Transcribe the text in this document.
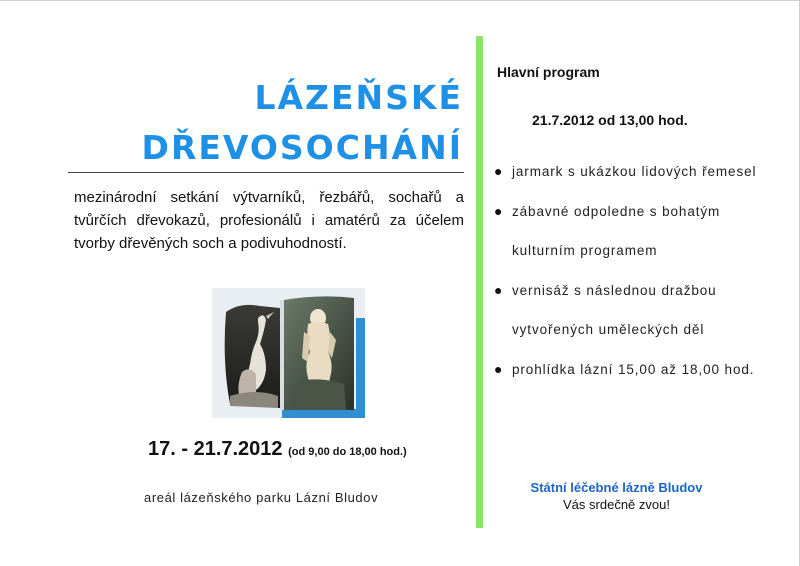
LÁZEŇSKÉ
DŘEVOSOCHÁNÍ
mezinárodní setkání výtvarníků, řezbářů, sochařů a tvůrčích dřevokazů, profesionálů i amatérů za účelem tvorby dřevěných soch a podivuhodností.
17. - 21.7.2012 (od 9,00 do 18,00 hod.)
areál lázeňského parku Lázní Bludov
Hlavní program
21.7.2012 od 13,00 hod.
● jarmark s ukázkou lidových řemesel
● zábavné odpoledne s bohatým kulturním programem
● vernisáž s následnou dražbou vytvořených uměleckých děl
● prohlídka lázní 15,00 až 18,00 hod.
Státní léčebné lázně Bludov
Vás srdečně zvou!
